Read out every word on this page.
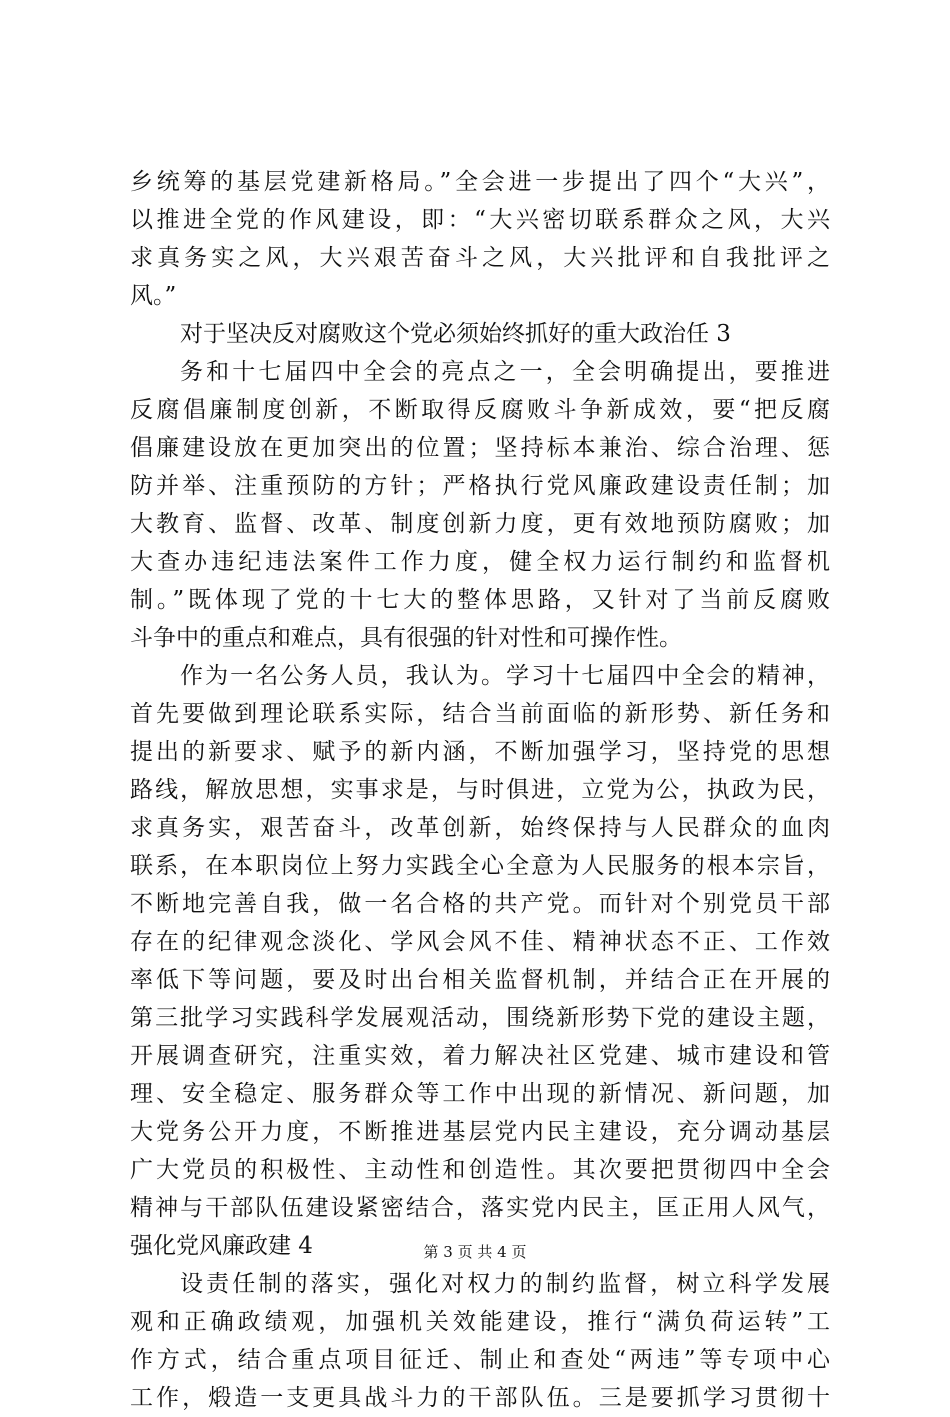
乡统筹的基层党建新格局。”全会进一步提出了四个“大兴”，
以推进全党的作风建设，即：“大兴密切联系群众之风，大兴
求真务实之风，大兴艰苦奋斗之风，大兴批评和自我批评之
风。”
对于坚决反对腐败这个党必须始终抓好的重大政治任 3
务和十七届四中全会的亮点之一，全会明确提出，要推进
反腐倡廉制度创新，不断取得反腐败斗争新成效，要“把反腐
倡廉建设放在更加突出的位置；坚持标本兼治、综合治理、惩
防并举、注重预防的方针；严格执行党风廉政建设责任制；加
大教育、监督、改革、制度创新力度，更有效地预防腐败；加
大查办违纪违法案件工作力度，健全权力运行制约和监督机
制。”既体现了党的十七大的整体思路，又针对了当前反腐败
斗争中的重点和难点，具有很强的针对性和可操作性。
作为一名公务人员，我认为。学习十七届四中全会的精神，
首先要做到理论联系实际，结合当前面临的新形势、新任务和
提出的新要求、赋予的新内涵，不断加强学习，坚持党的思想
路线，解放思想，实事求是，与时俱进，立党为公，执政为民，
求真务实，艰苦奋斗，改革创新，始终保持与人民群众的血肉
联系，在本职岗位上努力实践全心全意为人民服务的根本宗旨，
不断地完善自我，做一名合格的共产党。而针对个别党员干部
存在的纪律观念淡化、学风会风不佳、精神状态不正、工作效
率低下等问题，要及时出台相关监督机制，并结合正在开展的
第三批学习实践科学发展观活动，围绕新形势下党的建设主题，
开展调查研究，注重实效，着力解决社区党建、城市建设和管
理、安全稳定、服务群众等工作中出现的新情况、新问题，加
大党务公开力度，不断推进基层党内民主建设，充分调动基层
广大党员的积极性、主动性和创造性。其次要把贯彻四中全会
精神与干部队伍建设紧密结合，落实党内民主，匡正用人风气，
强化党风廉政建 4
设责任制的落实，强化对权力的制约监督，树立科学发展
观和正确政绩观，加强机关效能建设，推行“满负荷运转”工
作方式，结合重点项目征迁、制止和查处“两违”等专项中心
工作，煅造一支更具战斗力的干部队伍。三是要抓学习贯彻十
第 3 页 共 4 页
